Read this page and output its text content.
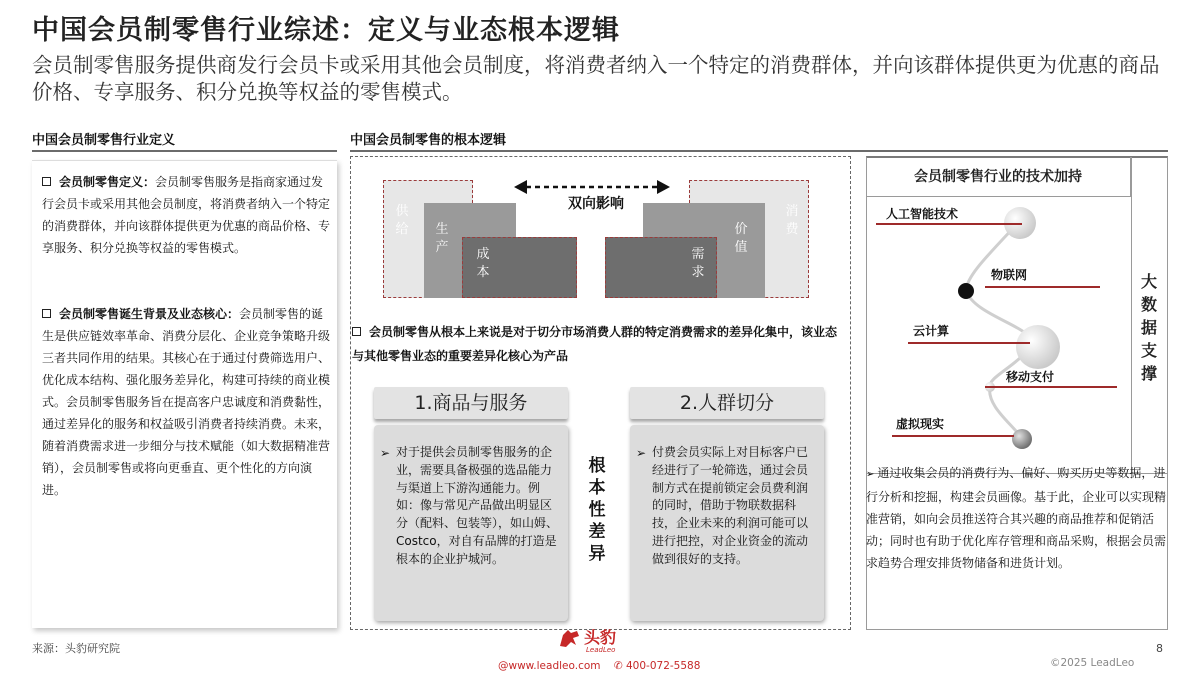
中国会员制零售行业综述：定义与业态根本逻辑
会员制零售服务提供商发行会员卡或采用其他会员制度，将消费者纳入一个特定的消费群体，并向该群体提供更为优惠的商品价格、专享服务、积分兑换等权益的零售模式。
中国会员制零售行业定义	中国会员制零售的根本逻辑
会员制零售定义：会员制零售服务是指商家通过发行会员卡或采用其他会员制度，将消费者纳入一个特定的消费群体，并向该群体提供更为优惠的商品价格、专享服务、积分兑换等权益的零售模式。
会员制零售诞生背景及业态核心：会员制零售的诞生是供应链效率革命、消费分层化、企业竞争策略升级三者共同作用的结果。其核心在于通过付费筛选用户、优化成本结构、强化服务差异化，构建可持续的商业模式。会员制零售服务旨在提高客户忠诚度和消费黏性，通过差异化的服务和权益吸引消费者持续消费。未来，随着消费需求进一步细分与技术赋能（如大数据精准营销），会员制零售或将向更垂直、更个性化的方向演进。
供给 生产 成本
消费
价值
需求
双向影响
会员制零售从根本上来说是对于切分市场消费人群的特定消费需求的差异化集中，该业态与其他零售业态的重要差异化核心为产品
1.商品与服务
➢ 对于提供会员制零售服务的企业，需要具备极强的选品能力与渠道上下游沟通能力。例如：像与常见产品做出明显区分（配料、包装等），如山姆、Costco，对自有品牌的打造是根本的企业护城河。
根本性差异
2.人群切分
➢ 付费会员实际上对目标客户已经进行了一轮筛选，通过会员制方式在提前锁定会员费利润的同时，借助于物联数据科技，企业未来的利润可能可以进行把控，对企业资金的流动做到很好的支持。
会员制零售行业的技术加持
大数据支撑
人工智能技术
物联网
云计算
移动支付
虚拟现实
➢ 通过收集会员的消费行为、偏好、购买历史等数据，进行分析和挖掘，构建会员画像。基于此，企业可以实现精准营销，如向会员推送符合其兴趣的商品推荐和促销活动；同时也有助于优化库存管理和商品采购，根据会员需求趋势合理安排货物储备和进货计划。
来源：头豹研究院
头豹
LeadLeo
@www.leadleo.com ✆ 400-072-5588
8
©2025 LeadLeo
